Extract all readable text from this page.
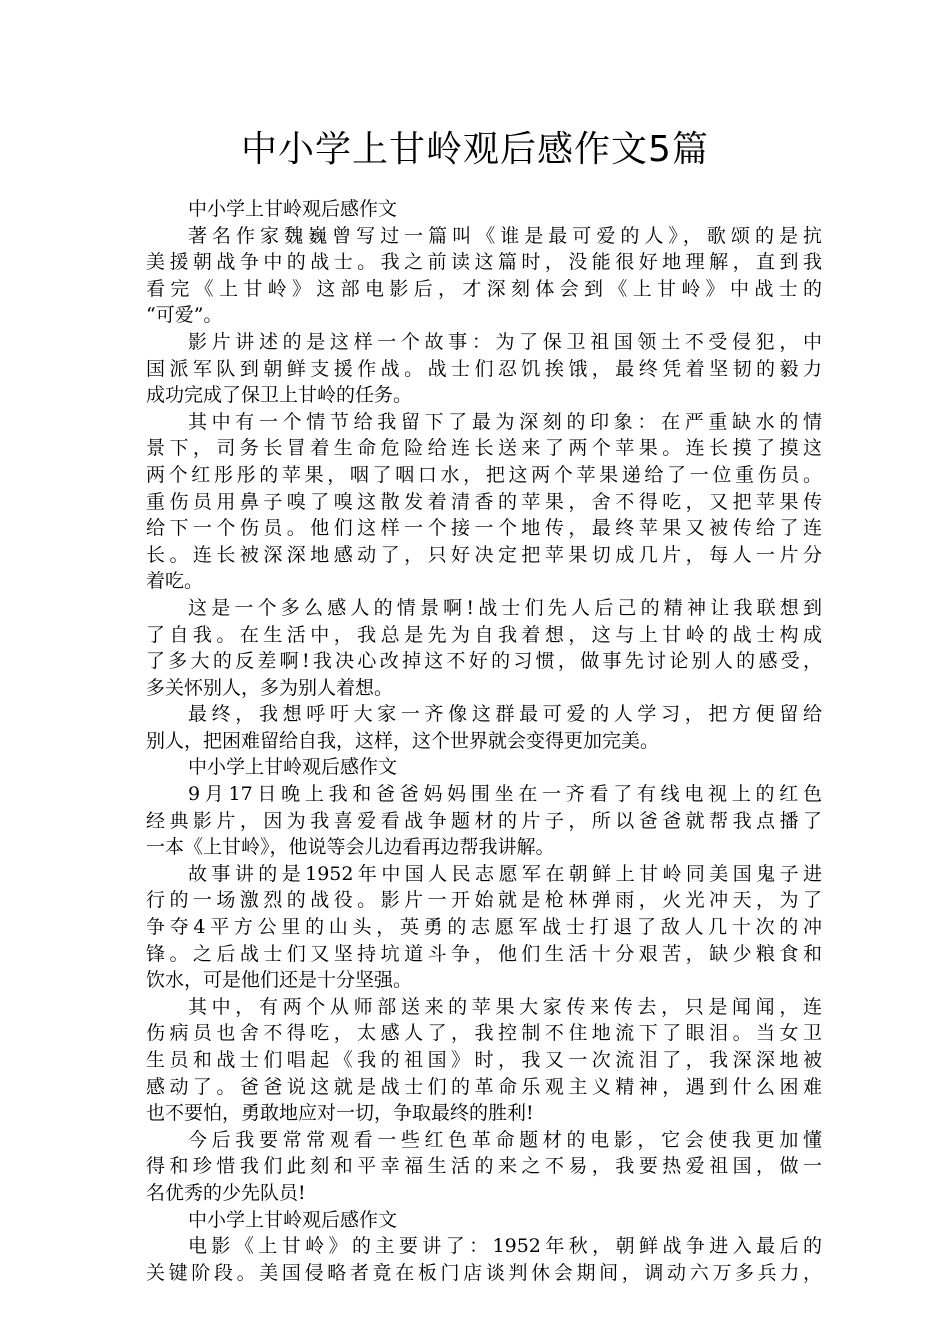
中小学上甘岭观后感作文5篇
中小学上甘岭观后感作文
著名作家魏巍曾写过一篇叫《谁是最可爱的人》，歌颂的是抗
美援朝战争中的战士。我之前读这篇时，没能很好地理解，直到我
看完《上甘岭》这部电影后，才深刻体会到《上甘岭》中战士的
“可爱”。
影片讲述的是这样一个故事：为了保卫祖国领土不受侵犯，中
国派军队到朝鲜支援作战。战士们忍饥挨饿，最终凭着坚韧的毅力
成功完成了保卫上甘岭的任务。
其中有一个情节给我留下了最为深刻的印象：在严重缺水的情
景下，司务长冒着生命危险给连长送来了两个苹果。连长摸了摸这
两个红彤彤的苹果，咽了咽口水，把这两个苹果递给了一位重伤员。
重伤员用鼻子嗅了嗅这散发着清香的苹果，舍不得吃，又把苹果传
给下一个伤员。他们这样一个接一个地传，最终苹果又被传给了连
长。连长被深深地感动了，只好决定把苹果切成几片，每人一片分
着吃。
这是一个多么感人的情景啊!战士们先人后己的精神让我联想到
了自我。在生活中，我总是先为自我着想，这与上甘岭的战士构成
了多大的反差啊!我决心改掉这不好的习惯，做事先讨论别人的感受，
多关怀别人，多为别人着想。
最终，我想呼吁大家一齐像这群最可爱的人学习，把方便留给
别人，把困难留给自我，这样，这个世界就会变得更加完美。
中小学上甘岭观后感作文
9月17日晚上我和爸爸妈妈围坐在一齐看了有线电视上的红色
经典影片，因为我喜爱看战争题材的片子，所以爸爸就帮我点播了
一本《上甘岭》，他说等会儿边看再边帮我讲解。
故事讲的是1952年中国人民志愿军在朝鲜上甘岭同美国鬼子进
行的一场激烈的战役。影片一开始就是枪林弹雨，火光冲天，为了
争夺4平方公里的山头，英勇的志愿军战士打退了敌人几十次的冲
锋。之后战士们又坚持坑道斗争，他们生活十分艰苦，缺少粮食和
饮水，可是他们还是十分坚强。
其中，有两个从师部送来的苹果大家传来传去，只是闻闻，连
伤病员也舍不得吃，太感人了，我控制不住地流下了眼泪。当女卫
生员和战士们唱起《我的祖国》时，我又一次流泪了，我深深地被
感动了。爸爸说这就是战士们的革命乐观主义精神，遇到什么困难
也不要怕，勇敢地应对一切，争取最终的胜利!
今后我要常常观看一些红色革命题材的电影，它会使我更加懂
得和珍惜我们此刻和平幸福生活的来之不易，我要热爱祖国，做一
名优秀的少先队员!
中小学上甘岭观后感作文
电影《上甘岭》的主要讲了：1952年秋，朝鲜战争进入最后的
关键阶段。美国侵略者竟在板门店谈判休会期间，调动六万多兵力，
